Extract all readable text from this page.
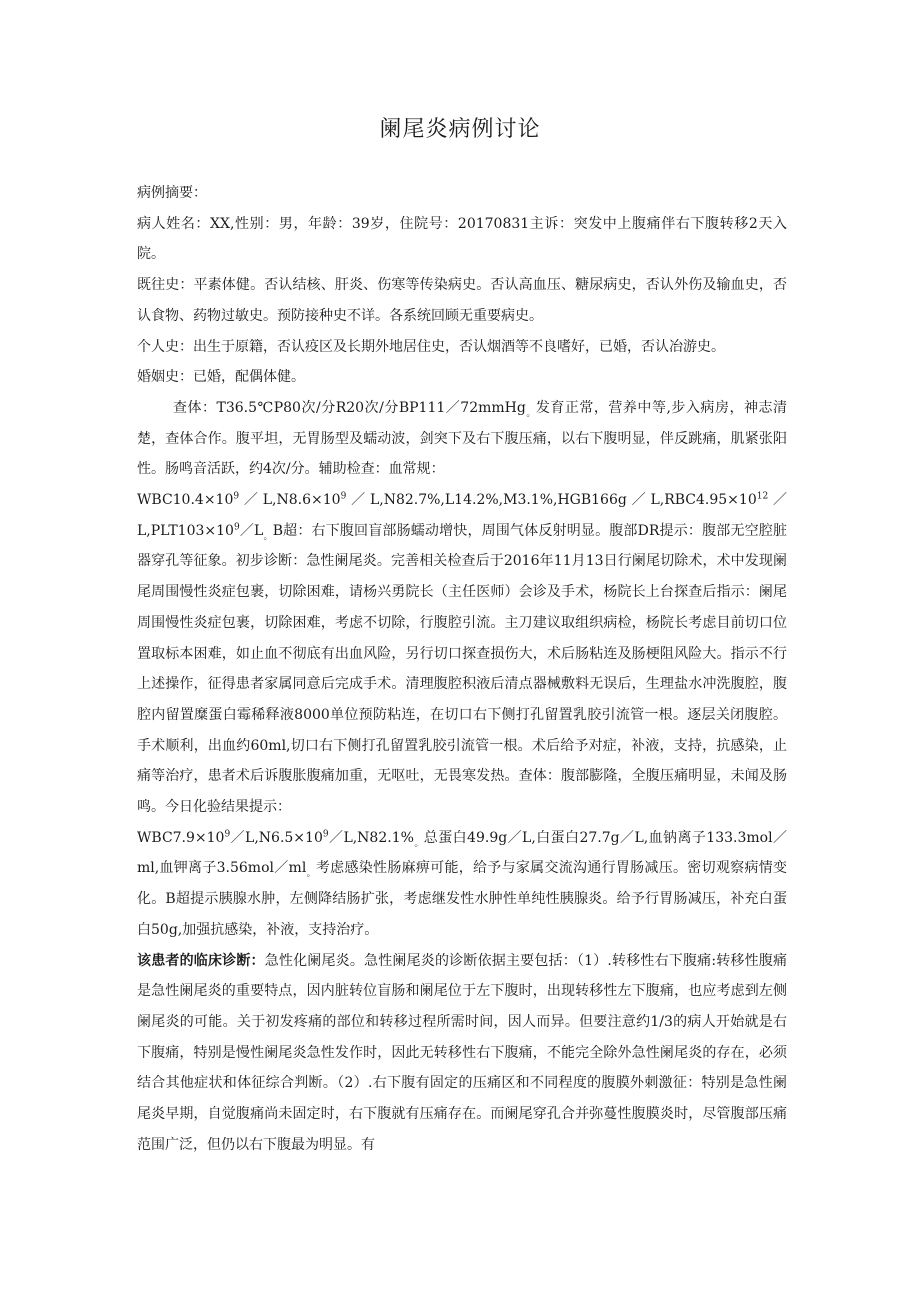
阑尾炎病例讨论

病例摘要：

病人姓名：XX,性别：男，年龄：39岁，住院号：20170831主诉：突发中上腹痛伴右下腹转移2天入院。

既往史：平素体健。否认结核、肝炎、伤寒等传染病史。否认高血压、糖尿病史，否认外伤及输血史，否认食物、药物过敏史。预防接种史不详。各系统回顾无重要病史。

个人史：出生于原籍，否认疫区及长期外地居住史，否认烟酒等不良嗜好，已婚，否认冶游史。

婚姻史：已婚，配偶体健。

查体：T36.5℃P80次/分R20次/分BP111／72mmHg$_。$发育正常，营养中等,步入病房，神志清楚，查体合作。腹平坦，无胃肠型及蠕动波，剑突下及右下腹压痛，以右下腹明显，伴反跳痛，肌紧张阳性。肠鸣音活跃，约4次/分。辅助检查：血常规：

$WBC10.4\times 10^9/L,N8.6\times 10^9/L,N82.7\%,L14.2\%,M3.1\%,HGB166g/L,RBC4.95\times 10^{12}/L,PLT103\times 10^9/L_。B$超：右下腹回盲部肠蠕动增快，周围气体反射明显。腹部DR提示：腹部无空腔脏器穿孔等征象。初步诊断：急性阑尾炎。完善相关检查后于2016年11月13日行阑尾切除术，术中发现阑尾周围慢性炎症包裹，切除困难，请杨兴勇院长（主任医师）会诊及手术，杨院长上台探查后指示：阑尾周围慢性炎症包裹，切除困难，考虑不切除，行腹腔引流。主刀建议取组织病检，杨院长考虑目前切口位置取标本困难，如止血不彻底有出血风险，另行切口探查损伤大，术后肠粘连及肠梗阻风险大。指示不行上述操作，征得患者家属同意后完成手术。清理腹腔积液后清点器械敷料无误后，生理盐水冲洗腹腔，腹腔内留置糜蛋白霉稀释液8000单位预防粘连，在切口右下侧打孔留置乳胶引流管一根。逐层关闭腹腔。手术顺利，出血约60ml,切口右下侧打孔留置乳胶引流管一根。术后给予对症，补液，支持，抗感染，止痛等治疗，患者术后诉腹胀腹痛加重，无呕吐，无畏寒发热。查体：腹部膨隆，全腹压痛明显，未闻及肠鸣。今日化验结果提示：

$WBC7.9\times 10^9/L,N6.5\times 10^9/L,N82.1\%_。$总蛋白49.9g／L,白蛋白27.7g／L,血钠离子133.3mol／ml,血钾离子$3.56mol/ml_。$考虑感染性肠麻痹可能，给予与家属交流沟通行胃肠减压。密切观察病情变化。B超提示胰腺水肿，左侧降结肠扩张，考虑继发性水肿性单纯性胰腺炎。给予行胃肠减压，补充白蛋白50g,加强抗感染，补液，支持治疗。

该患者的临床诊断：急性化阑尾炎。急性阑尾炎的诊断依据主要包括：（1）.转移性右下腹痛:转移性腹痛是急性阑尾炎的重要特点，因内脏转位盲肠和阑尾位于左下腹时，出现转移性左下腹痛，也应考虑到左侧阑尾炎的可能。关于初发疼痛的部位和转移过程所需时间，因人而异。但要注意约1/3的病人开始就是右下腹痛，特别是慢性阑尾炎急性发作时，因此无转移性右下腹痛，不能完全除外急性阑尾炎的存在，必须结合其他症状和体征综合判断。（2）.右下腹有固定的压痛区和不同程度的腹膜外刺激征：特别是急性阑尾炎早期，自觉腹痛尚未固定时，右下腹就有压痛存在。而阑尾穿孔合并弥蔓性腹膜炎时，尽管腹部压痛范围广泛，但仍以右下腹最为明显。有
